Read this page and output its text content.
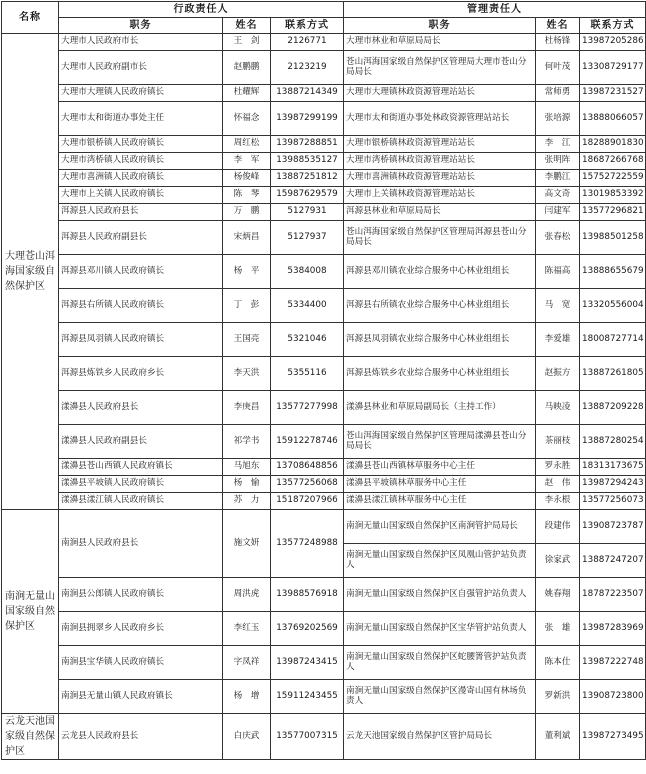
名称	行政责任人			管理责任人		
	职务	姓名	联系方式	职务	姓名	联系方式
大理苍山洱海国家级自然保护区	大理市人民政府市长	王　剑	2126771	大理市林业和草原局局长	杜杨锋	13987205286
	大理市人民政府副市长	赵鹏鹏	2123219	苍山洱海国家级自然保护区管理局大理市苍山分局局长	何叶茂	13308729177
	大理市大理镇人民政府镇长	杜耀辉	13887214349	大理市大理镇林政资源管理站站长	常师勇	13987231527
	大理市太和街道办事处主任	怀福念	13987299199	大理市太和街道办事处林政资源管理站站长	张培源	13888066057
	大理市银桥镇人民政府镇长	周红松	13987288851	大理市银桥镇林政资源管理站站长	李　江	18288901830
	大理市湾桥镇人民政府镇长	李　军	13988535127	大理市湾桥镇林政资源管理站站长	张明阵	18687266768
	大理市喜洲镇人民政府镇长	杨俊峰	13887251812	大理市喜洲镇林政资源管理站站长	李鹏江	15752722559
	大理市上关镇人民政府镇长	陈　琴	15987629579	大理市上关镇林政资源管理站站长	高文奇	13019853392
	洱源县人民政府县长	万　鹏	5127931	洱源县林业和草原局局长	闫建军	13577296821
	洱源县人民政府副县长	宋炳昌	5127937	苍山洱海国家级自然保护区管理局洱源县苍山分局局长	张春松	13988501258
	洱源县邓川镇人民政府镇长	杨　平	5384008	洱源县邓川镇农业综合服务中心林业组组长	陈福高	13888655679
	洱源县右所镇人民政府镇长	丁　彭	5334400	洱源县右所镇农业综合服务中心林业组组长	马　宽	13320556004
	洱源县凤羽镇人民政府镇长	王国亮	5321046	洱源县凤羽镇农业综合服务中心林业组组长	李爱雄	18008727714
	洱源县炼铁乡人民政府乡长	李天洪	5355116	洱源县炼铁乡农业综合服务中心林业组组长	赵振方	13887261805
	漾濞县人民政府县长	李庚昌	13577277998	漾濞县林业和草原局副局长（主持工作）	马映凌	13887209228
	漾濞县人民政府副县长	祁学书	15912278746	苍山洱海国家级自然保护区管理局漾濞县苍山分局局长	茶丽枝	13887280254
	漾濞县苍山西镇人民政府镇长	马旭东	13708648856	漾濞县苍山西镇林草服务中心主任	罗永胜	18313173675
	漾濞县平坡镇人民政府镇长	杨　愉	13577256068	漾濞县平坡镇林草服务中心主任	赵　伟	13987294243
	漾濞县漾江镇人民政府镇长	苏　力	15187207966	漾濞县漾江镇林草服务中心主任	李永根	13577256073
南涧无量山国家级自然保护区	南涧县人民政府县长	施文妍	13577248988	南涧无量山国家级自然保护区南涧管护局局长	段建伟	13908723787
				南涧无量山国家级自然保护区凤凰山管护站负责人	徐家武	13887247207
	南涧县公郎镇人民政府镇长	周洪虎	13988576918	南涧无量山国家级自然保护区自强管护站负责人	姚春翔	18787223507
	南涧县拥翠乡人民政府乡长	李红玉	13769202569	南涧无量山国家级自然保护区宝华管护站负责人	张　雄	13987283969
	南涧县宝华镇人民政府镇长	字凤祥	13987243415	南涧无量山国家级自然保护区蛇腰箐管护站负责人	陈本仕	13987222748
	南涧县无量山镇人民政府镇长	杨　增	15911243455	南涧无量山国家级自然保护区漫寄山国有林场负责人	罗新洪	13908723800
云龙天池国家级自然保护区	云龙县人民政府县长	白庆武	13577007315	云龙天池国家级自然保护区管护局局长	董利斌	13987273495
